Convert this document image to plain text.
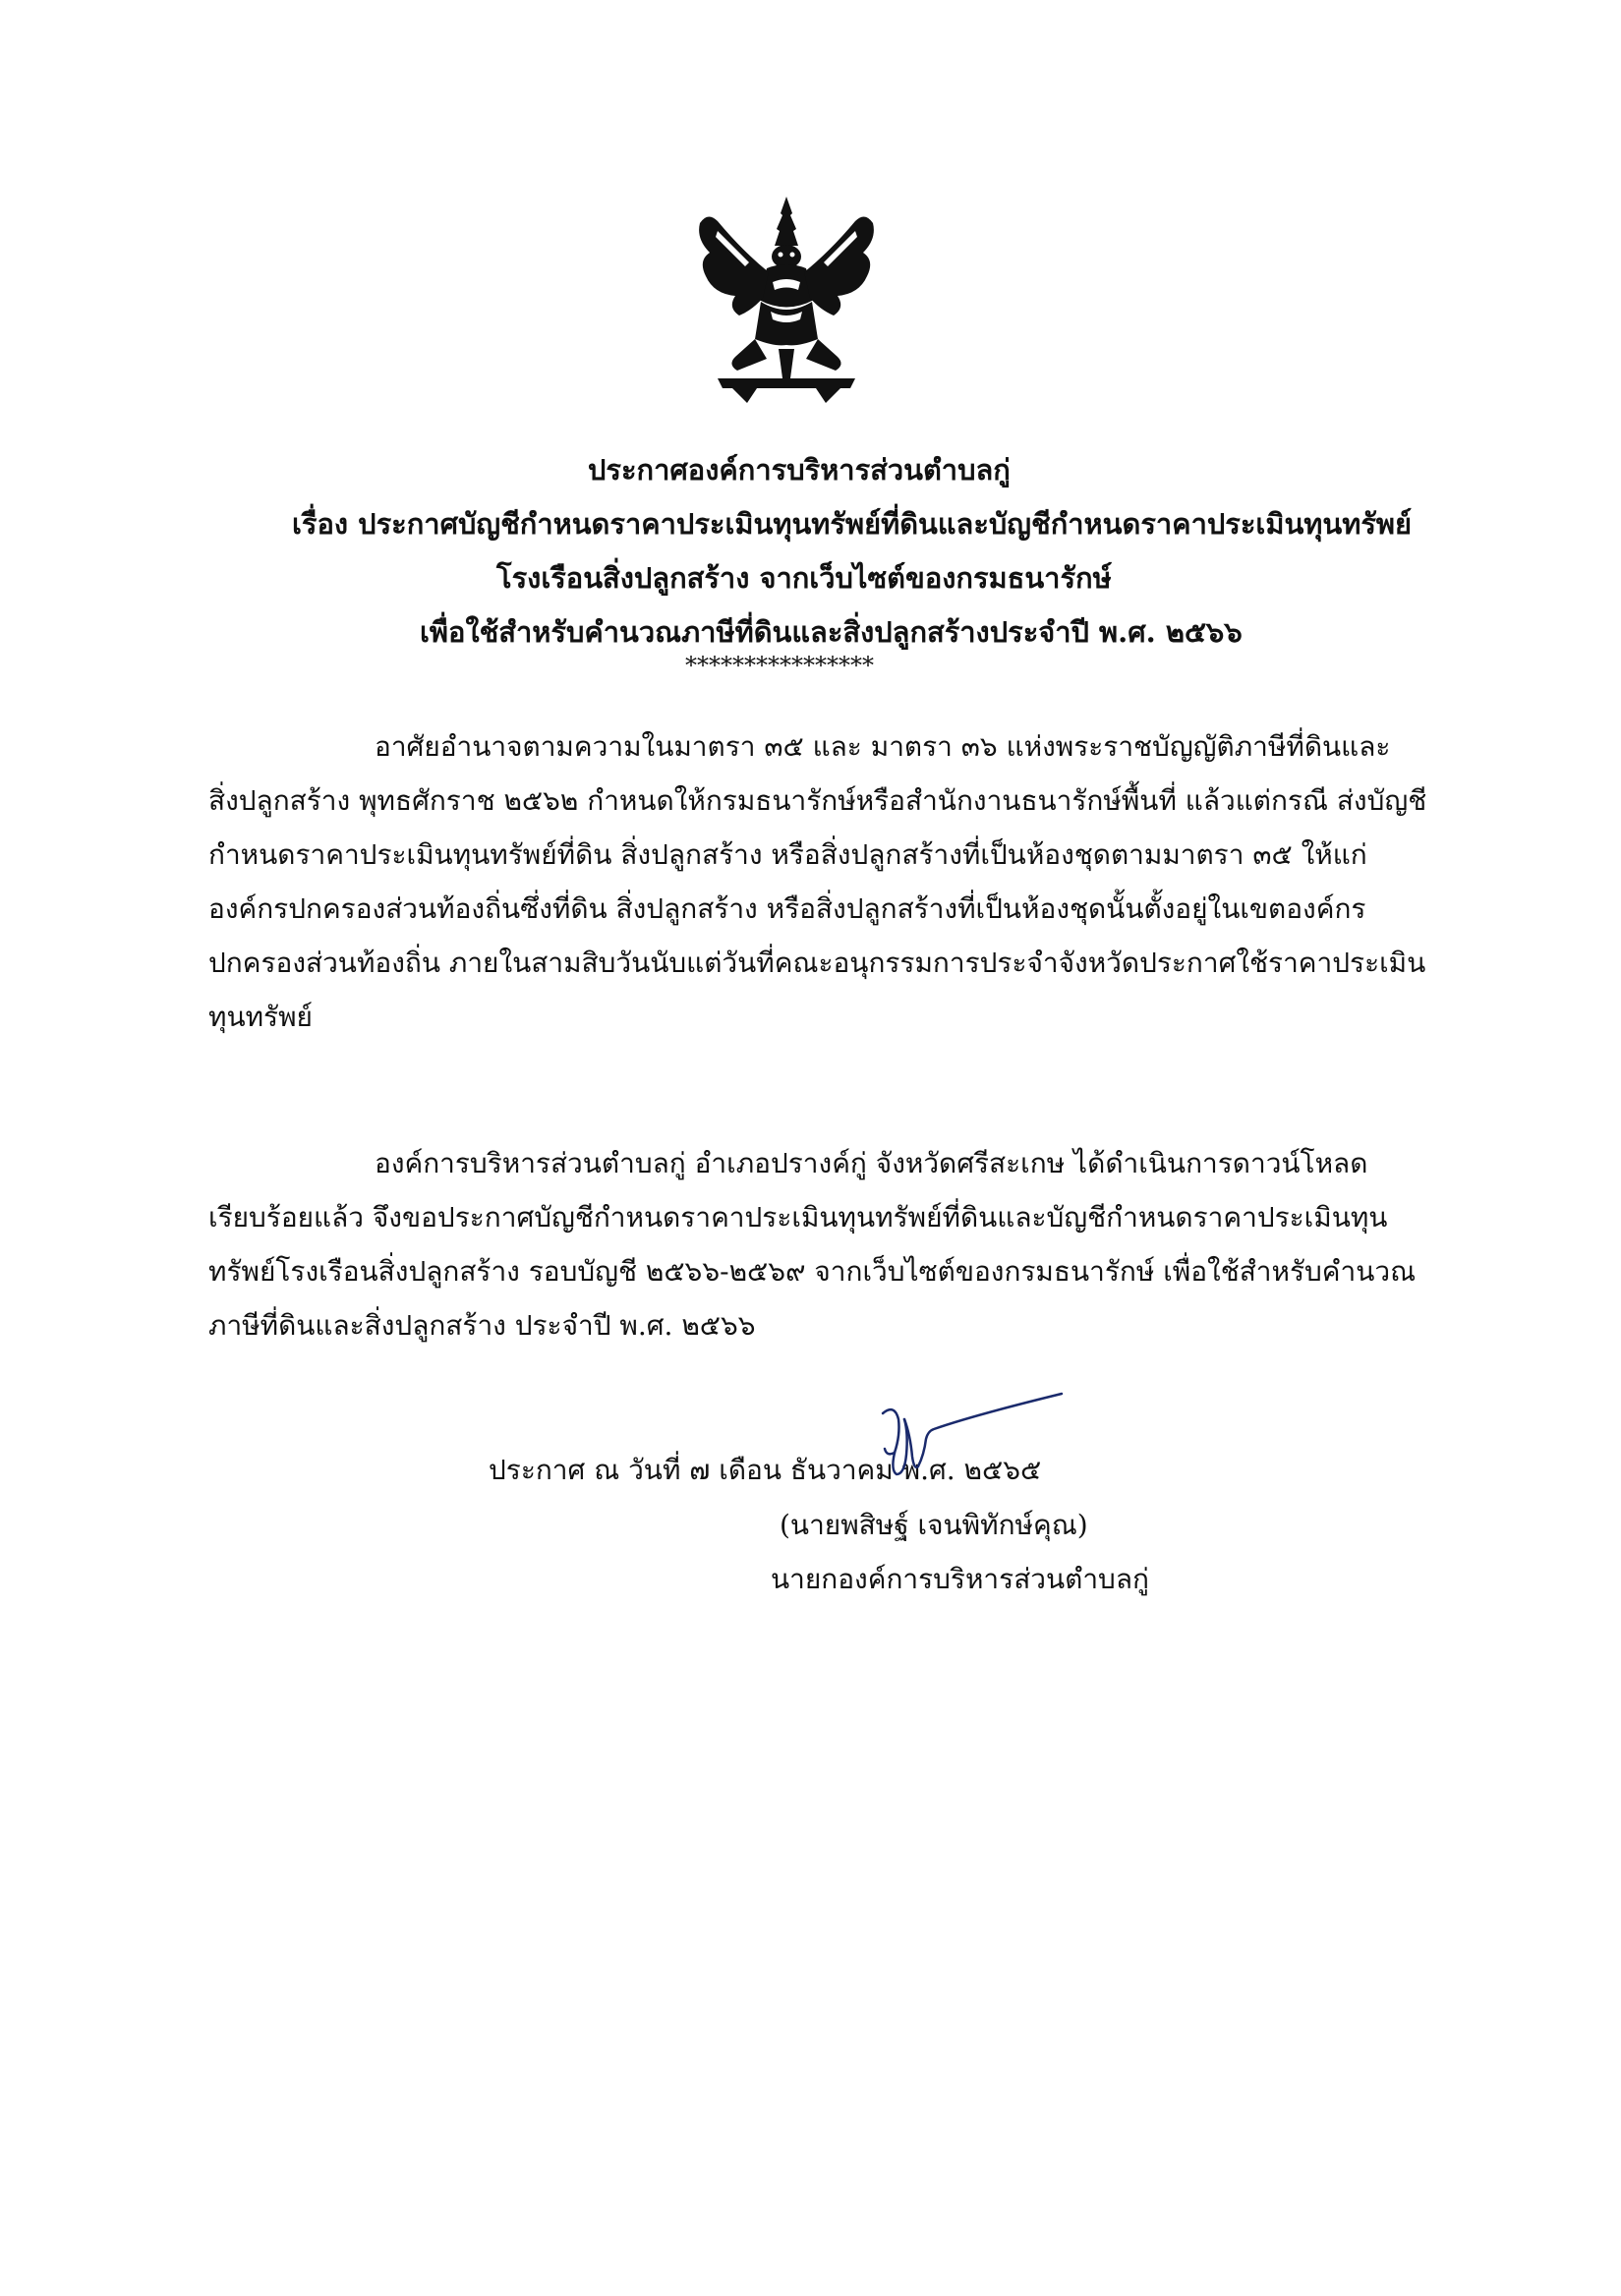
ประกาศองค์การบริหารส่วนตำบลกู่
เรื่อง ประกาศบัญชีกำหนดราคาประเมินทุนทรัพย์ที่ดินและบัญชีกำหนดราคาประเมินทุนทรัพย์
โรงเรือนสิ่งปลูกสร้าง จากเว็บไซต์ของกรมธนารักษ์
เพื่อใช้สำหรับคำนวณภาษีที่ดินและสิ่งปลูกสร้างประจำปี พ.ศ. ๒๕๖๖
****************
อาศัยอำนาจตามความในมาตรา ๓๕ และ มาตรา ๓๖ แห่งพระราชบัญญัติภาษีที่ดินและ
สิ่งปลูกสร้าง พุทธศักราช ๒๕๖๒ กำหนดให้กรมธนารักษ์หรือสำนักงานธนารักษ์พื้นที่ แล้วแต่กรณี ส่งบัญชี
กำหนดราคาประเมินทุนทรัพย์ที่ดิน สิ่งปลูกสร้าง หรือสิ่งปลูกสร้างที่เป็นห้องชุดตามมาตรา ๓๕ ให้แก่
องค์กรปกครองส่วนท้องถิ่นซึ่งที่ดิน สิ่งปลูกสร้าง หรือสิ่งปลูกสร้างที่เป็นห้องชุดนั้นตั้งอยู่ในเขตองค์กร
ปกครองส่วนท้องถิ่น ภายในสามสิบวันนับแต่วันที่คณะอนุกรรมการประจำจังหวัดประกาศใช้ราคาประเมิน
ทุนทรัพย์
องค์การบริหารส่วนตำบลกู่ อำเภอปรางค์กู่ จังหวัดศรีสะเกษ ได้ดำเนินการดาวน์โหลด
เรียบร้อยแล้ว จึงขอประกาศบัญชีกำหนดราคาประเมินทุนทรัพย์ที่ดินและบัญชีกำหนดราคาประเมินทุน
ทรัพย์โรงเรือนสิ่งปลูกสร้าง รอบบัญชี ๒๕๖๖-๒๕๖๙ จากเว็บไซต์ของกรมธนารักษ์ เพื่อใช้สำหรับคำนวณ
ภาษีที่ดินและสิ่งปลูกสร้าง ประจำปี พ.ศ. ๒๕๖๖
ประกาศ ณ วันที่ ๗ เดือน ธันวาคม พ.ศ. ๒๕๖๕
(นายพสิษฐ์ เจนพิทักษ์คุณ)
นายกองค์การบริหารส่วนตำบลกู่
